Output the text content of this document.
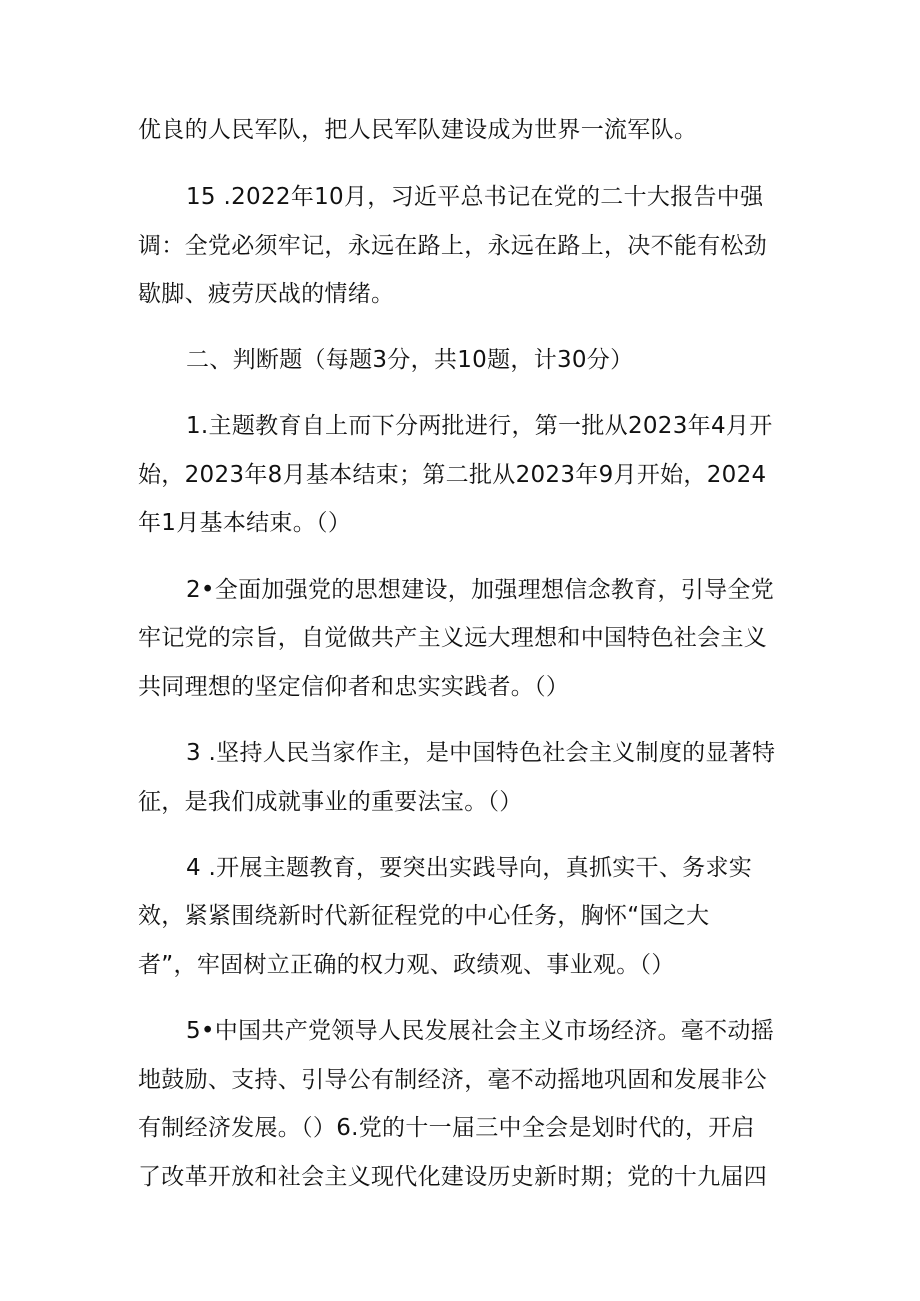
优良的人民军队，把人民军队建设成为世界一流军队。
15 .2022年10月，习近平总书记在党的二十大报告中强
调：全党必须牢记，永远在路上，永远在路上，决不能有松劲
歇脚、疲劳厌战的情绪。
二、判断题（每题3分，共10题，计30分）
1.主题教育自上而下分两批进行，第一批从2023年4月开
始，2023年8月基本结束；第二批从2023年9月开始，2024
年1月基本结束。（）
2•全面加强党的思想建设，加强理想信念教育，引导全党
牢记党的宗旨，自觉做共产主义远大理想和中国特色社会主义
共同理想的坚定信仰者和忠实实践者。（）
3 .坚持人民当家作主，是中国特色社会主义制度的显著特
征，是我们成就事业的重要法宝。（）
4 .开展主题教育，要突出实践导向，真抓实干、务求实
效，紧紧围绕新时代新征程党的中心任务，胸怀“国之大
者”，牢固树立正确的权力观、政绩观、事业观。（）
5•中国共产党领导人民发展社会主义市场经济。毫不动摇
地鼓励、支持、引导公有制经济，毫不动摇地巩固和发展非公
有制经济发展。（）6.党的十一届三中全会是划时代的，开启
了改革开放和社会主义现代化建设历史新时期；党的十九届四
